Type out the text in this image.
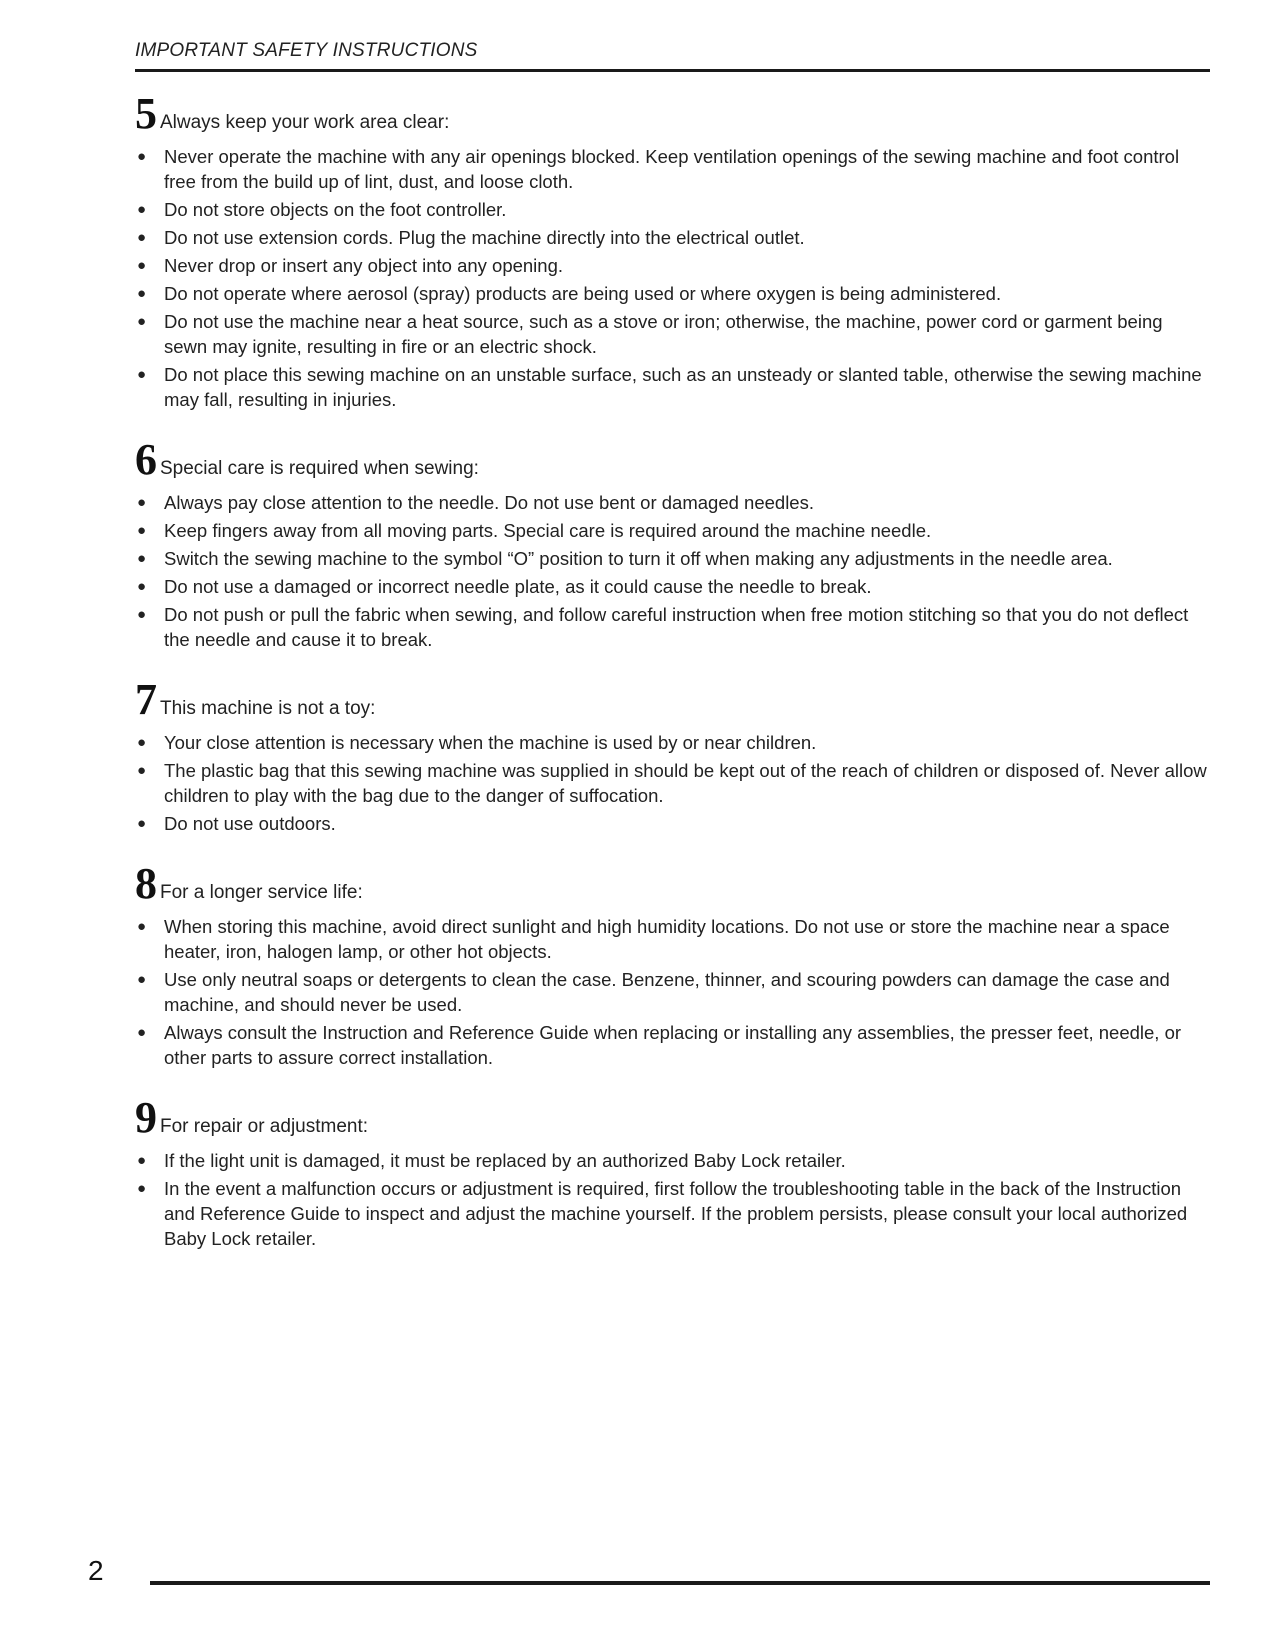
IMPORTANT SAFETY INSTRUCTIONS
5 Always keep your work area clear:
● Never operate the machine with any air openings blocked. Keep ventilation openings of the sewing machine and foot control free from the build up of lint, dust, and loose cloth.
● Do not store objects on the foot controller.
● Do not use extension cords. Plug the machine directly into the electrical outlet.
● Never drop or insert any object into any opening.
● Do not operate where aerosol (spray) products are being used or where oxygen is being administered.
● Do not use the machine near a heat source, such as a stove or iron; otherwise, the machine, power cord or garment being sewn may ignite, resulting in fire or an electric shock.
● Do not place this sewing machine on an unstable surface, such as an unsteady or slanted table, otherwise the sewing machine may fall, resulting in injuries.
6 Special care is required when sewing:
● Always pay close attention to the needle. Do not use bent or damaged needles.
● Keep fingers away from all moving parts. Special care is required around the machine needle.
● Switch the sewing machine to the symbol “O” position to turn it off when making any adjustments in the needle area.
● Do not use a damaged or incorrect needle plate, as it could cause the needle to break.
● Do not push or pull the fabric when sewing, and follow careful instruction when free motion stitching so that you do not deflect the needle and cause it to break.
7 This machine is not a toy:
● Your close attention is necessary when the machine is used by or near children.
● The plastic bag that this sewing machine was supplied in should be kept out of the reach of children or disposed of. Never allow children to play with the bag due to the danger of suffocation.
● Do not use outdoors.
8 For a longer service life:
● When storing this machine, avoid direct sunlight and high humidity locations. Do not use or store the machine near a space heater, iron, halogen lamp, or other hot objects.
● Use only neutral soaps or detergents to clean the case. Benzene, thinner, and scouring powders can damage the case and machine, and should never be used.
● Always consult the Instruction and Reference Guide when replacing or installing any assemblies, the presser feet, needle, or other parts to assure correct installation.
9 For repair or adjustment:
● If the light unit is damaged, it must be replaced by an authorized Baby Lock retailer.
● In the event a malfunction occurs or adjustment is required, first follow the troubleshooting table in the back of the Instruction and Reference Guide to inspect and adjust the machine yourself. If the problem persists, please consult your local authorized Baby Lock retailer.
2
